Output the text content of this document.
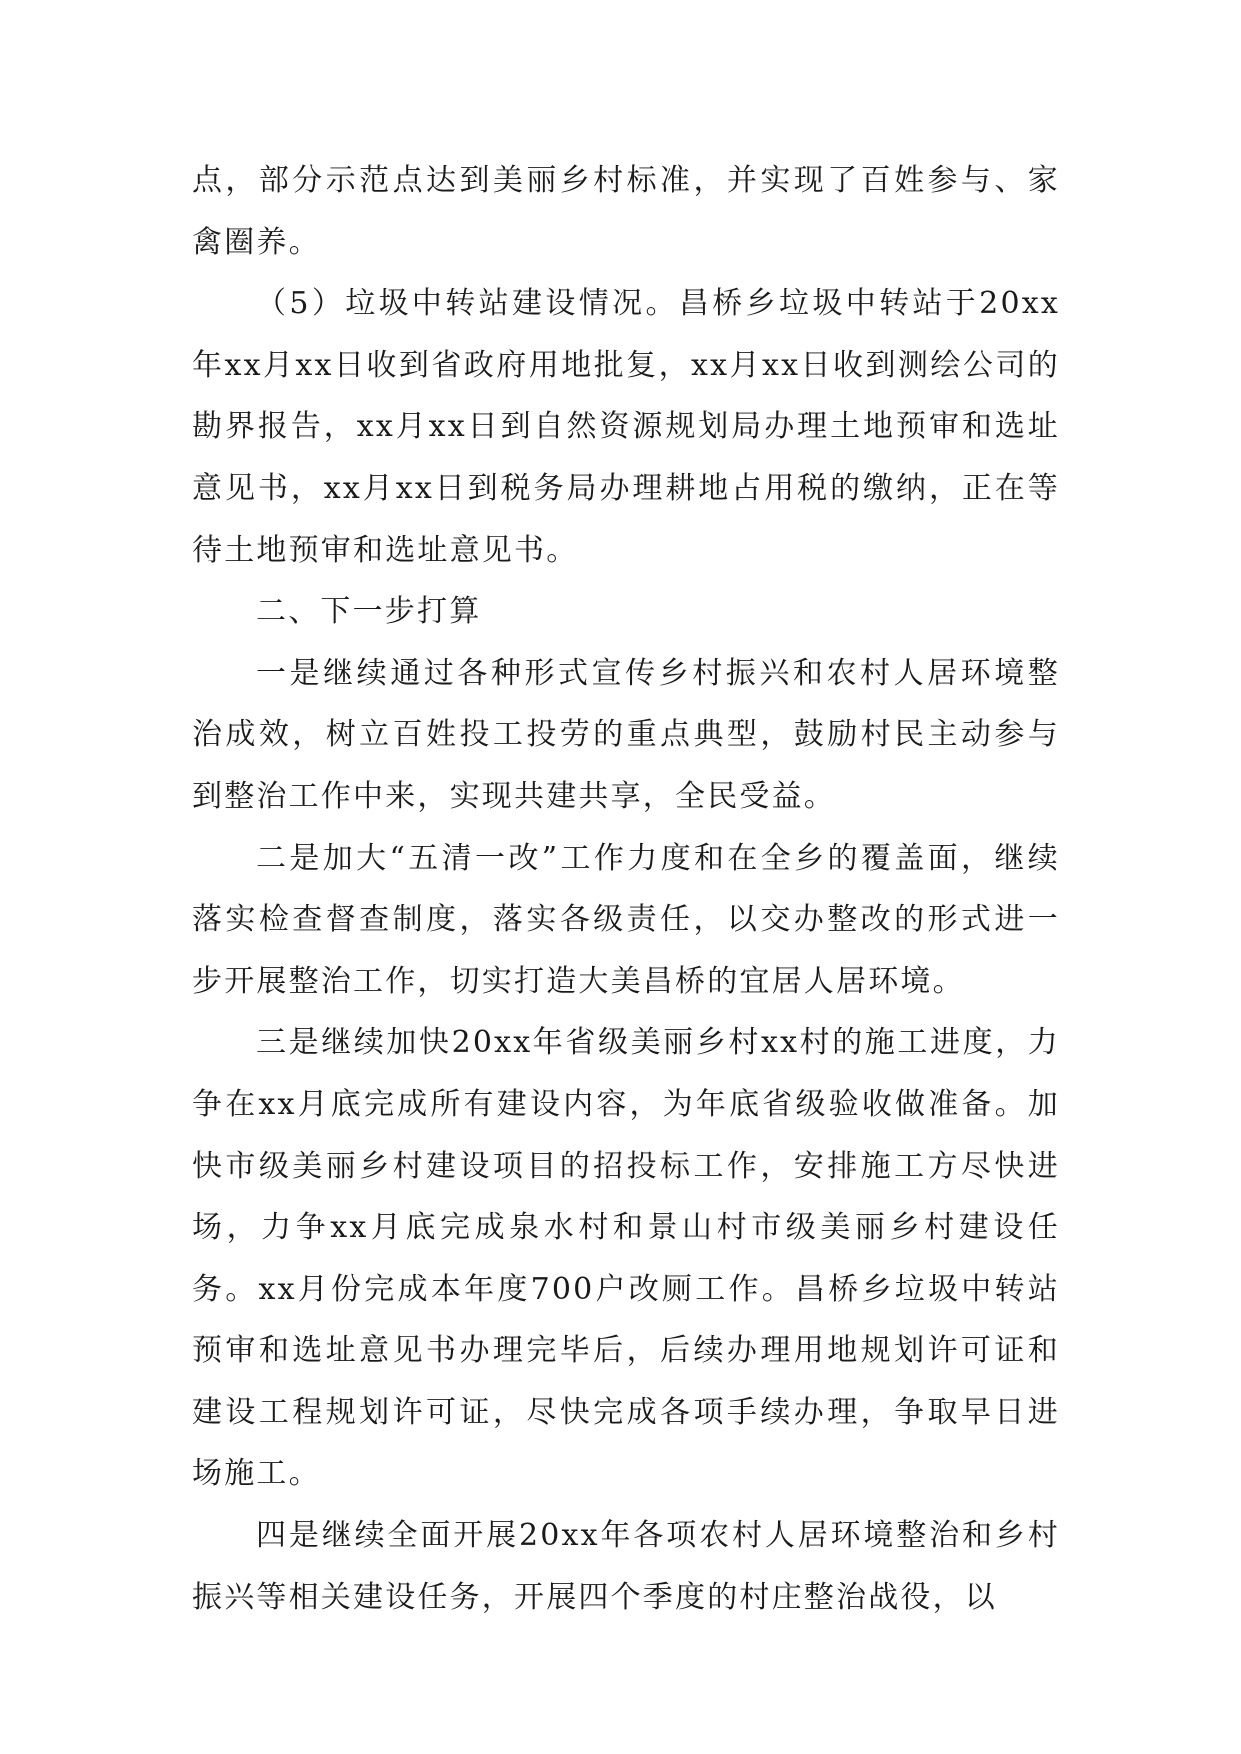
点，部分示范点达到美丽乡村标准，并实现了百姓参与、家禽圈养。

（5）垃圾中转站建设情况。昌桥乡垃圾中转站于20xx年xx月xx日收到省政府用地批复，xx月xx日收到测绘公司的勘界报告，xx月xx日到自然资源规划局办理土地预审和选址意见书，xx月xx日到税务局办理耕地占用税的缴纳，正在等待土地预审和选址意见书。

二、下一步打算

一是继续通过各种形式宣传乡村振兴和农村人居环境整治成效，树立百姓投工投劳的重点典型，鼓励村民主动参与到整治工作中来，实现共建共享，全民受益。

二是加大“五清一改”工作力度和在全乡的覆盖面，继续落实检查督查制度，落实各级责任，以交办整改的形式进一步开展整治工作，切实打造大美昌桥的宜居人居环境。

三是继续加快20xx年省级美丽乡村xx村的施工进度，力争在xx月底完成所有建设内容，为年底省级验收做准备。加快市级美丽乡村建设项目的招投标工作，安排施工方尽快进场，力争xx月底完成泉水村和景山村市级美丽乡村建设任务。xx月份完成本年度700户改厕工作。昌桥乡垃圾中转站预审和选址意见书办理完毕后，后续办理用地规划许可证和建设工程规划许可证，尽快完成各项手续办理，争取早日进场施工。

四是继续全面开展20xx年各项农村人居环境整治和乡村振兴等相关建设任务，开展四个季度的村庄整治战役，以
